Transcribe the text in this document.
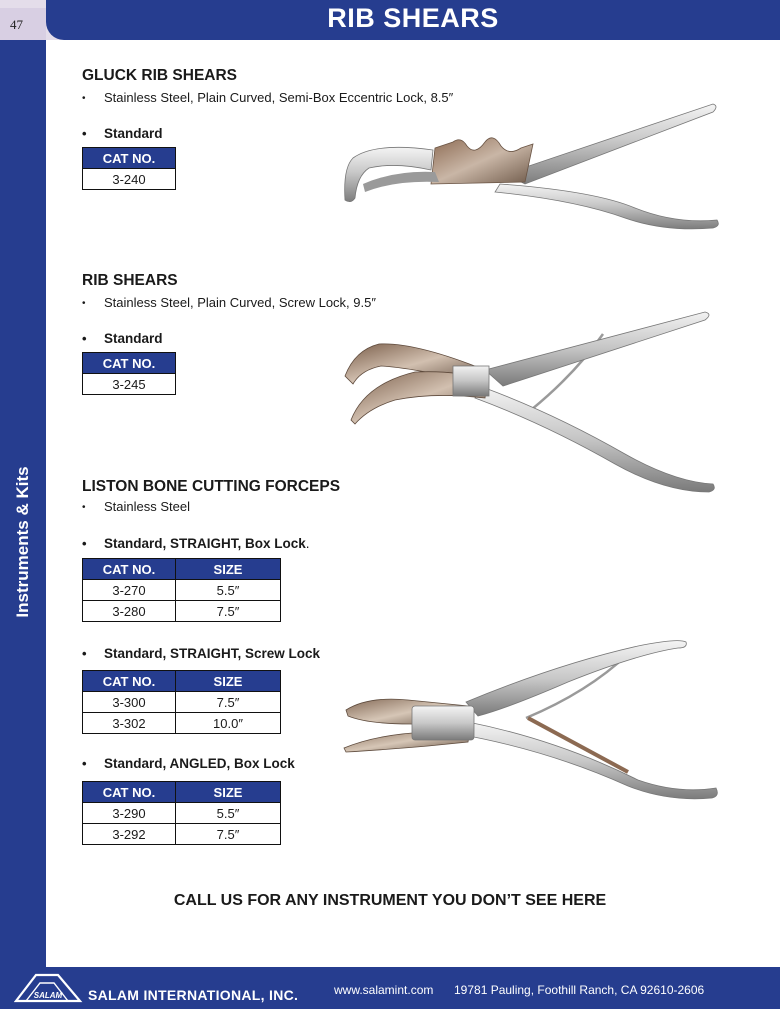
47	RIB SHEARS
Instruments & Kits
GLUCK RIB SHEARS
• Stainless Steel, Plain Curved, Semi-Box Eccentric Lock, 8.5″
• Standard
CAT NO.
3-240
RIB SHEARS
• Stainless Steel, Plain Curved, Screw Lock, 9.5″
• Standard
CAT NO.
3-245
LISTON BONE CUTTING FORCEPS
• Stainless Steel
• Standard, STRAIGHT, Box Lock.
CAT NO.	SIZE
3-270	5.5″
3-280	7.5″
• Standard, STRAIGHT, Screw Lock
CAT NO.	SIZE
3-300	7.5″
3-302	10.0″
• Standard, ANGLED, Box Lock
CAT NO.	SIZE
3-290	5.5″
3-292	7.5″
CALL US FOR ANY INSTRUMENT YOU DON’T SEE HERE
SALAM SALAM INTERNATIONAL, INC.	www.salamint.com 19781 Pauling, Foothill Ranch, CA 92610-2606
